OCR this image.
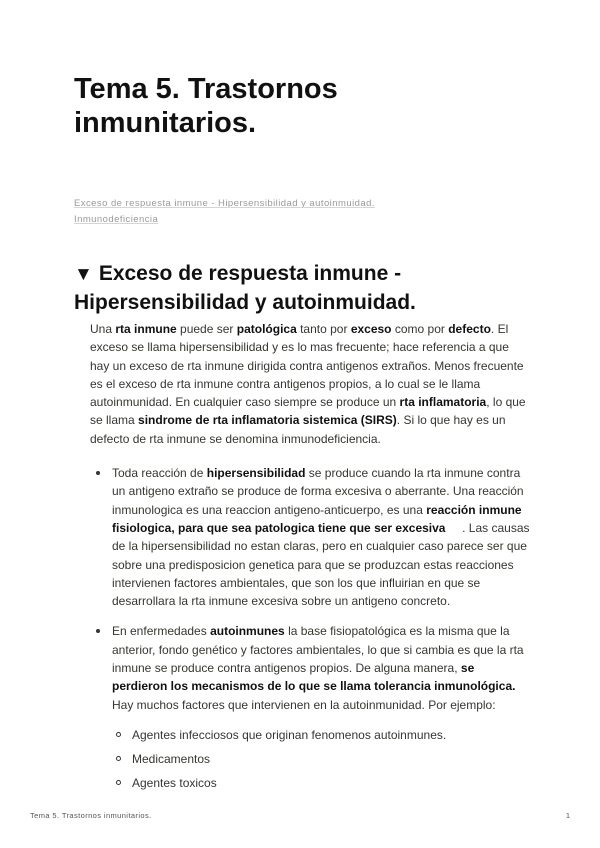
Tema 5. Trastornos inmunitarios.
Exceso de respuesta inmune - Hipersensibilidad y autoinmuidad.
Inmunodeficiencia
▼ Exceso de respuesta inmune - Hipersensibilidad y autoinmuidad.

Una rta inmune puede ser patológica tanto por exceso como por defecto. El exceso se llama hipersensibilidad y es lo mas frecuente; hace referencia a que hay un exceso de rta inmune dirigida contra antigenos extraños. Menos frecuente es el exceso de rta inmune contra antigenos propios, a lo cual se le llama autoinmunidad. En cualquier caso siempre se produce un rta inflamatoria, lo que se llama sindrome de rta inflamatoria sistemica (SIRS). Si lo que hay es un defecto de rta inmune se denomina inmunodeficiencia.

Toda reacción de hipersensibilidad se produce cuando la rta inmune contra un antigeno extraño se produce de forma excesiva o aberrante. Una reacción inmunologica es una reaccion antigeno-anticuerpo, es una reacción inmune fisiologica, para que sea patologica tiene que ser excesiva     . Las causas de la hipersensibilidad no estan claras, pero en cualquier caso parece ser que sobre una predisposicion genetica para que se produzcan estas reacciones intervienen factores ambientales, que son los que influirian en que se desarrollara la rta inmune excesiva sobre un antigeno concreto.

En enfermedades autoinmunes la base fisiopatológica es la misma que la anterior, fondo genético y factores ambientales, lo que si cambia es que la rta inmune se produce contra antigenos propios. De alguna manera, se perdieron los mecanismos de lo que se llama tolerancia inmunológica. Hay muchos factores que intervienen en la autoinmunidad. Por ejemplo:

Agentes infecciosos que originan fenomenos autoinmunes.
Medicamentos
Agentes toxicos
Tema 5. Trastornos inmunitarios.	1
